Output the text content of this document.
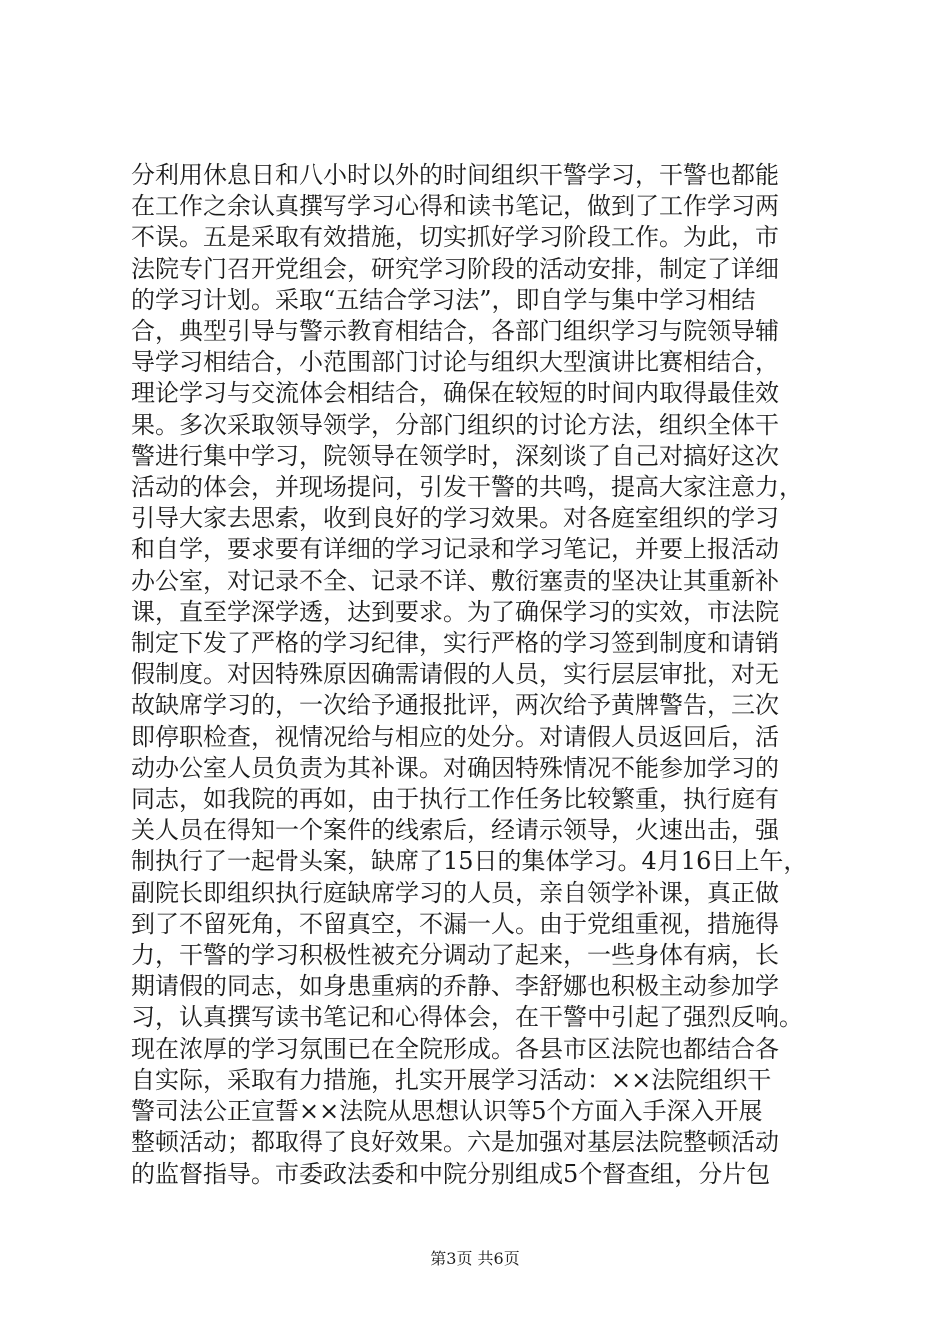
分利用休息日和八小时以外的时间组织干警学习，干警也都能
在工作之余认真撰写学习心得和读书笔记，做到了工作学习两
不误。五是采取有效措施，切实抓好学习阶段工作。为此，市
法院专门召开党组会，研究学习阶段的活动安排，制定了详细
的学习计划。采取“五结合学习法”，即自学与集中学习相结
合，典型引导与警示教育相结合，各部门组织学习与院领导辅
导学习相结合，小范围部门讨论与组织大型演讲比赛相结合，
理论学习与交流体会相结合，确保在较短的时间内取得最佳效
果。多次采取领导领学，分部门组织的讨论方法，组织全体干
警进行集中学习，院领导在领学时，深刻谈了自己对搞好这次
活动的体会，并现场提问，引发干警的共鸣，提高大家注意力，
引导大家去思索，收到良好的学习效果。对各庭室组织的学习
和自学，要求要有详细的学习记录和学习笔记，并要上报活动
办公室，对记录不全、记录不详、敷衍塞责的坚决让其重新补
课，直至学深学透，达到要求。为了确保学习的实效，市法院
制定下发了严格的学习纪律，实行严格的学习签到制度和请销
假制度。对因特殊原因确需请假的人员，实行层层审批，对无
故缺席学习的，一次给予通报批评，两次给予黄牌警告，三次
即停职检查，视情况给与相应的处分。对请假人员返回后，活
动办公室人员负责为其补课。对确因特殊情况不能参加学习的
同志，如我院的再如，由于执行工作任务比较繁重，执行庭有
关人员在得知一个案件的线索后，经请示领导，火速出击，强
制执行了一起骨头案，缺席了15日的集体学习。4月16日上午，
副院长即组织执行庭缺席学习的人员，亲自领学补课，真正做
到了不留死角，不留真空，不漏一人。由于党组重视，措施得
力，干警的学习积极性被充分调动了起来，一些身体有病，长
期请假的同志，如身患重病的乔静、李舒娜也积极主动参加学
习，认真撰写读书笔记和心得体会，在干警中引起了强烈反响。
现在浓厚的学习氛围已在全院形成。各县市区法院也都结合各
自实际，采取有力措施，扎实开展学习活动：××法院组织干
警司法公正宣誓××法院从思想认识等5个方面入手深入开展
整顿活动；都取得了良好效果。六是加强对基层法院整顿活动
的监督指导。市委政法委和中院分别组成5个督查组，分片包
第3页 共6页
